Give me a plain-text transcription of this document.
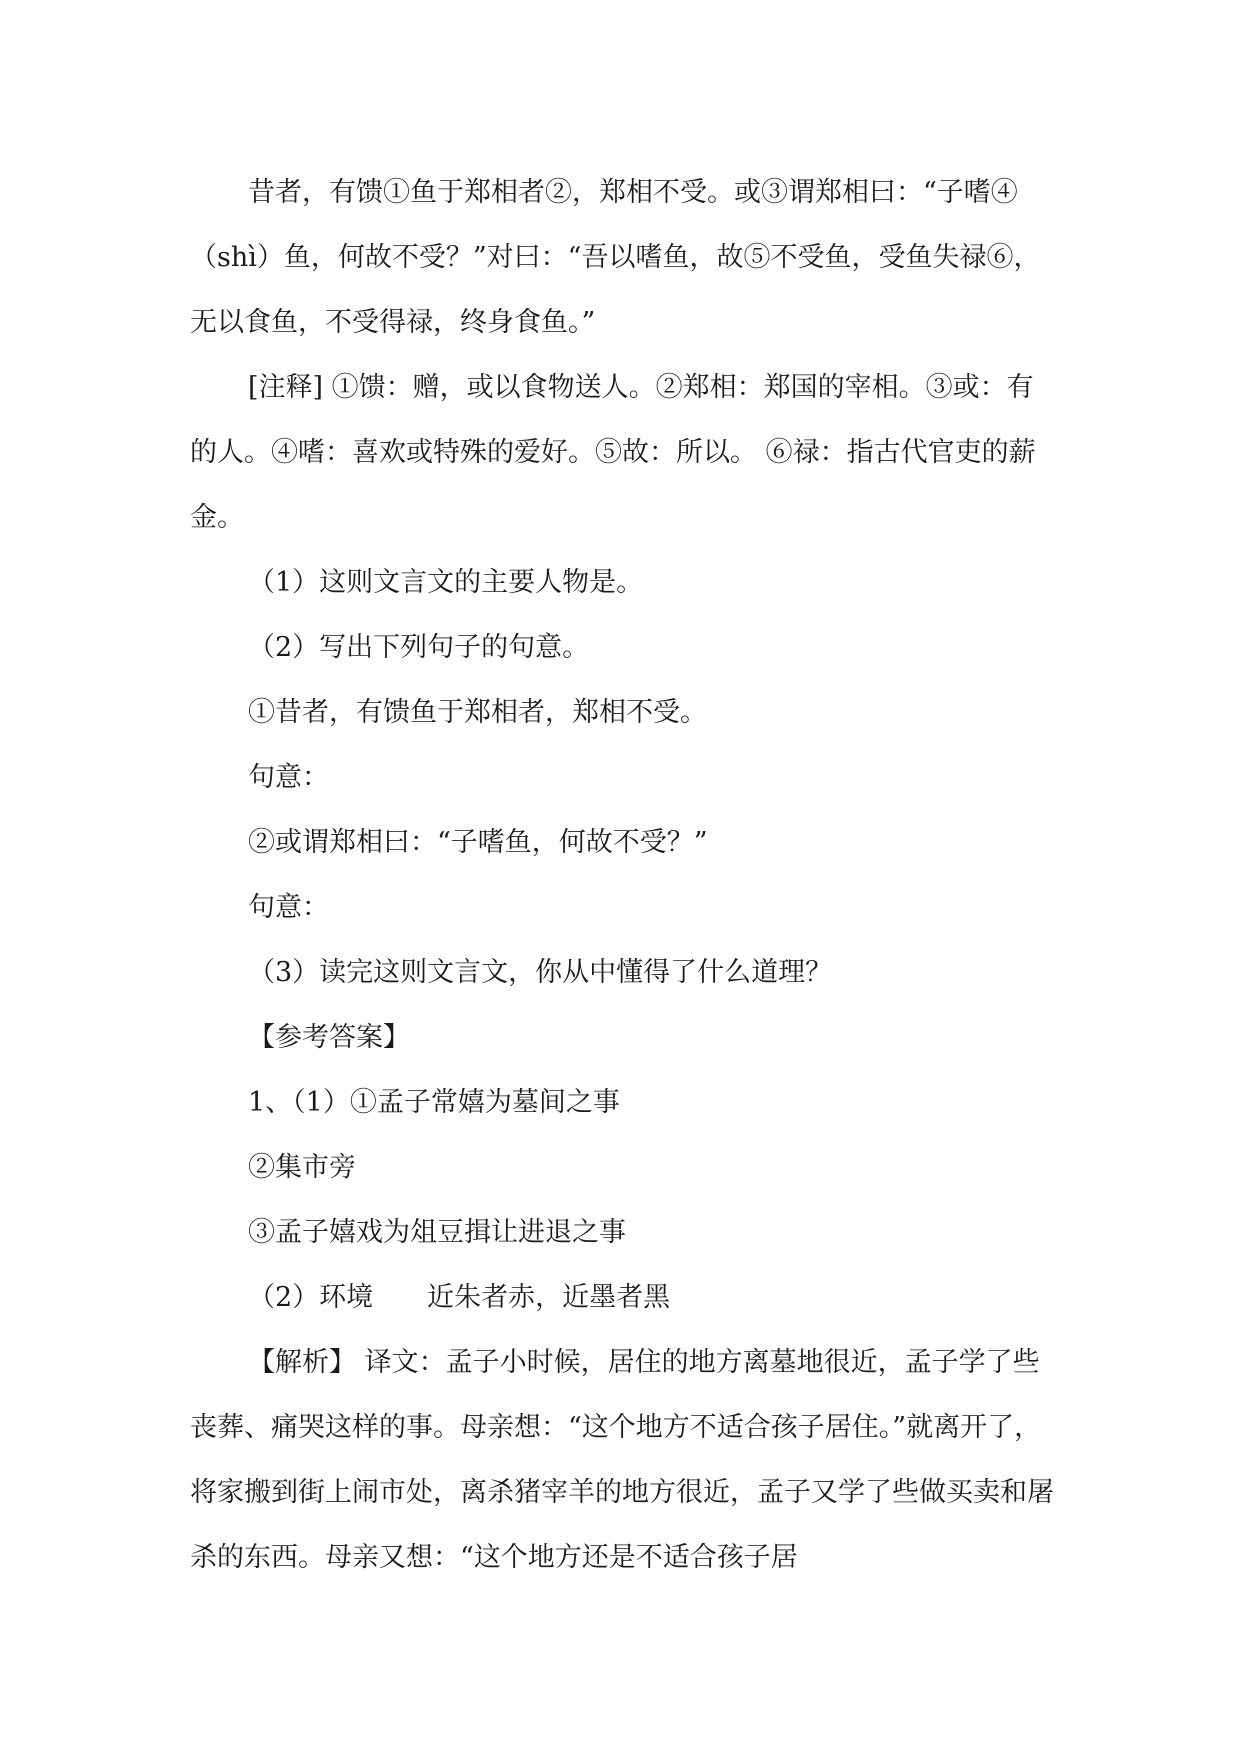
昔者，有馈①鱼于郑相者②，郑相不受。或③谓郑相曰：“子嗜④（shì）鱼，何故不受？”对曰：“吾以嗜鱼，故⑤不受鱼，受鱼失禄⑥，无以食鱼，不受得禄，终身食鱼。”

[注释] ①馈：赠，或以食物送人。②郑相：郑国的宰相。③或：有的人。④嗜：喜欢或特殊的爱好。⑤故：所以。 ⑥禄：指古代官吏的薪金。

（1）这则文言文的主要人物是。

（2）写出下列句子的句意。

①昔者，有馈鱼于郑相者，郑相不受。

句意：

②或谓郑相曰：“子嗜鱼，何故不受？”

句意：

（3）读完这则文言文，你从中懂得了什么道理？

【参考答案】

1、（1）①孟子常嬉为墓间之事

②集市旁

③孟子嬉戏为俎豆揖让进退之事

（2）环境　　近朱者赤，近墨者黑

【解析】 译文：孟子小时候，居住的地方离墓地很近，孟子学了些丧葬、痛哭这样的事。母亲想：“这个地方不适合孩子居住。”就离开了，将家搬到街上闹市处，离杀猪宰羊的地方很近，孟子又学了些做买卖和屠杀的东西。母亲又想：“这个地方还是不适合孩子居
